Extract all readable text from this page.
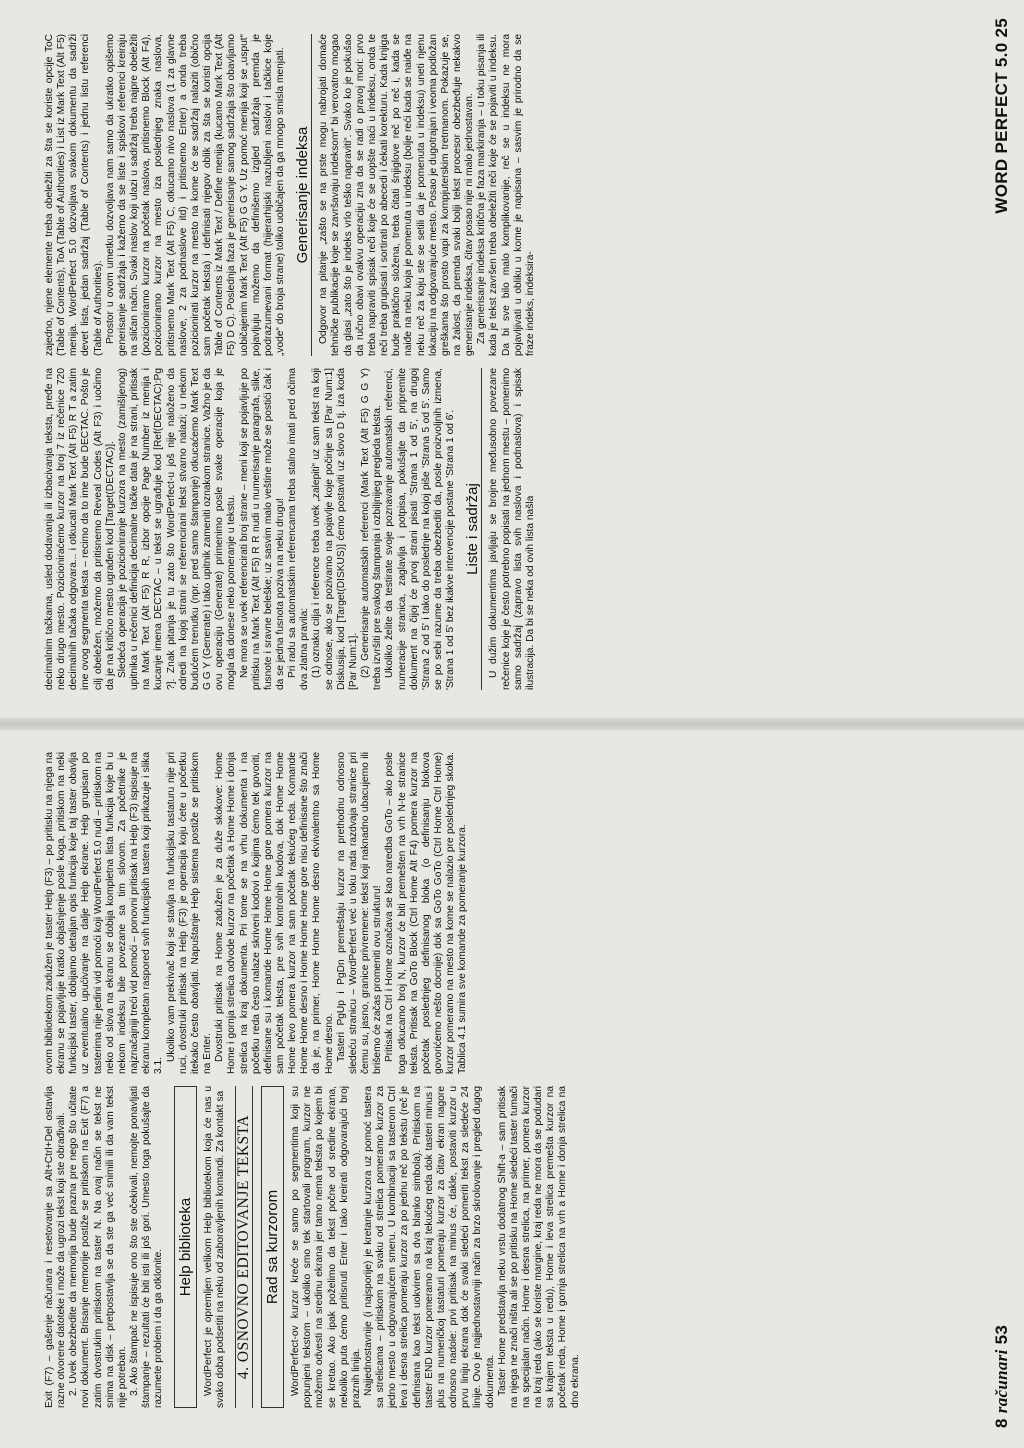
Exit (F7) – gašenje računara i resetovanje sa Alt+Ctrl+Del ostavlja razne otvorene datoteke i može da ugrozi tekst koji ste obrađivali. 2. Uvek obezbedite da memorija bude prazna pre nego što učitate novi dokument. Brisanje memorije postiže se pritiskom na Exit (F7) a zatim dvostrukim pritiskom na taster N. Na ovaj način se tekst ne snima na disk – pretpostavlja se da ste ga već snimili ili da vam tekst nije potreban. 3. Ako štampač ne ispisuje ono što ste očekivali, nemojte ponavljati štampanje – rezultati će biti isti ili još gori. Umesto toga pokušajte da razumete problem i da ga otklonite.

Help biblioteka WordPerfect je opremljen velikom Help bibliotekom koja će nas u svako doba podsetiti na neku od zaboravljenih komandi. Za kontakt sa 4. OSNOVNO EDITOVANJE TEKSTA Rad sa kurzorom WordPerfect-ov kurzor kreće se samo po segmentima koji su popunjeni tekstom – ukoliko smo tek startovali program, kurzor ne možemo odvesti na sredinu ekrana jer tamo nema teksta po kojem bi se kretao. Ako ipak poželimo da tekst počne od sredine ekrana, nekoliko puta ćemo pritisnuti Enter i tako kreirati odgovarajući broj praznih linija. Najjednostavnije (i najsporije) je kretanje kurzora uz pomoć tastera sa strelicama – pritiskom na svaku od strelica pomeramo kurzor za jedno mesto u odgovarajućem smeru. U kombinaciji sa tasterom Ctrl leva i desna strelica pomeraju kurzor za po jednu reč po tekstu (reč je definisana kao tekst uokviren sa dva blanko simbola). Pritiskom na taster END kurzor pomeramo na kraj tekućeg reda dok tasteri minus i plus na numeričkoj tastaturi pomeraju kurzor za čitav ekran nagore odnosno nadole: prvi pritisak na minus će, dakle, postaviti kurzor u prvu liniju ekrana dok će svaki sledeći pomeriti tekst za sledeće 24 linije. Ovo je najjednostavniji način za brzo skrolovanje i pregled dugog dokumenta. Taster Home predstavlja neku vrstu dodatnog Shift-a – sam pritisak na njega ne znači ništa ali se po pritisku na Home sledeći taster tumači na specijalan način. Home i desna strelica, na primer, pomera kurzor na kraj reda (ako se koriste margine, kraj reda ne mora da se podudari sa krajem teksta u redu), Home i leva strelica premešta kurzor na početak reda, Home i gornja strelica na vrh a Home i donja strelica na dno ekrana.

ovom bibliotekom zadužen je taster Help (F3) – po pritisku na njega na ekranu se pojavljuje kratko objašnjenje posle koga, pritiskom na neki funkcijski taster, dobijamo detaljan opis funkcija koje taj taster obavlja uz eventualno upućivanje na dalje Help ekrane. Help grupisan po tasterima nije jedini vid pomoći koji WordPerfect 5.0 nudi – pritiskom na neko od slova na ekranu se dobija kompletna lista funkcija koje bi u nekom indeksu bile povezane sa tim slovom. Za početnike je najznačajniji treći vid pomoći – ponovni pritisak na Help (F3) ispisuje na ekranu kompletan raspored svih funkcijskih tastera koji prikazuje i slika 3.1.

Ukoliko vam prekrivač koji se stavlja na funkcijsku tastaturu nije pri ruci, dvostruki pritisak na Help (F3) je operacija koju ćete u početku itekako često obavljati. Napuštanje Help sistema postiže se pritiskom na Enter. Dvostruki pritisak na Home zadužen je za duže skokove: Home Home i gornja strelica odvode kurzor na početak a Home Home i donja strelica na kraj dokumenta. Pri tome se na vrhu dokumenta i na početku reda često nalaze skriveni kodovi o kojima ćemo tek govoriti, definisane su i komande Home Home Home gore pomera kurzor na sam početak teksta, pre svih kontrolnih kodova, dok Home Home Home levo pomera kurzor na sam početak tekućeg reda. Komande Home Home desno i Home Home Home gore nisu definisane što znači da je, na primer, Home Home Home desno ekvivalentno sa Home Home desno. Tasteri PgUp i PgDn premeštaju kurzor na prethodnu odnosno sledeću stranicu – WordPerfect već u toku rada razdvaja stranice pri čemu su, jasno, granice privremene: tekst koji naknadno ubacujemo ili brišemo će začas promeniti ovu strukturu! Pritisak na Ctrl i Home označava se kao naredba GoTo – ako posle toga otkucamo broj N, kurzor će biti premešten na vrh N-te stranice teksta. Pritisak na GoTo Block (Ctrl Home Alt F4) pomera kurzor na početak poslednjeg definisanog bloka (o definisanju blokova govorićemo nešto docnije) dok sa GoTo GoTo (Ctrl Home Ctrl Home) kurzor pomeramo na mesto na kome se nalazio pre poslednjeg skoka. Tablica 4.1 sumira sve komande za pomeranje kurzora.

8 računari 53

decimalnim tačkama, usled dodavanja ili izbacivanja teksta, pređe na neko drugo mesto. Pozicioniraćemo kurzor na broj 7 iz rečenice 720 decimalnih tačaka odgovara... i otkucati Mark Text (Alt F5) R T a zatim ime ovog segmenta teksta – recimo da to ime bude DECTAC. Pošto je cilj obeležen, možemo da pritisnemo Reveal Codes (Alt F3) i uočimo da je na kritično mesto ugrađen kod [Target(DECTAC)]. Sledeća operacija je pozicioniranje kurzora na mesto (zamišljenog) upitnika u rečenici definicija decimalne tačke data je na strani, pritisak na Mark Text (Alt F5) R R, izbor opcije Page Number iz menija i kucanje imena DECTAC – u tekst se ugrađuje kod [Ref(DECTAC):Pg ?]. Znak pitanja je tu zato što WordPerfect-u još nije naloženo da odredi na kojoj strani se referencirani tekst stvarno nalazi; u nekom budućem trenutku (npr. pred samo štampanje) otkucaćemo Mark Text G G Y (Generate) i tako upitnik zameniti oznakom stranice. Važno je da ovu operaciju (Generate) primenimo posle svake operacije koja je mogla da donese neko pomeranje u tekstu. Ne mora se uvek referencirati broj strane – meni koji se pojavljuje po pritisku na Mark Text (Alt F5) R R nudi u numerisanje paragrafa, slike, fusnote i sravne beleške; uz sasvim malo veštine može se postići čak i da se jedna fusnota poziva na neku drugu! Pri radu sa automatskim referencama treba stalno imati pred očima dva zlatna pravila: (1) oznaku cilja i reference treba uvek „zalepiti“ uz sam tekst na koji se odnose, ako se pozivamo na pojavlje koje počinje sa [Par Num:1] Diskusija, kod [Target(DISKUS)] ćemo postaviti uz slovo D tj. iza koda [Par Num:1]. (2) Generisanje automatskih referenci (Mark Text (Alt F5) G G Y) treba izvršiti pre svakog štampanja i ozbiljnijeg pregleda teksta. Ukoliko želite da testirate svoje poznavanje automatskih referenci, numeracije stranica, zaglavlja i potpisa, pokušajte da pripremite dokument na čijoj će prvoj strani pisati 'Strana 1 od 5', na drugoj 'Strana 2 od 5' i tako do poslednje na kojoj piše 'Strana 5 od 5'. Samo se po sebi razume da treba obezbediti da, posle proizvoljnih izmena, 'Strana 1 od 5' bez ikakve intervencije postane 'Strana 1 od 6'. Liste i sadržaj U dužim dokumentima javljaju se brojne međusobno povezane rečenice koje je često potrebno popisati na jednom mestu – pomenimo samo sadržaj (zapravo lista svih naslova i podnaslova) i spisak ilustracija. Da bi se neka od ovih lista našla

zajedno, njene elemente treba obeležiti za šta se koriste opcije ToC (Table of Contents), ToA (Table of Authorities) i List iz Mark Text (Alt F5) menija. WordPerfect 5.0 dozvoljava svakom dokumentu da sadrži devet lista, jedan sadržaj (Table of Contents) i jednu listu referenci (Table of Authorities). Prostor u ovom umetku dozvoljava nam samo da ukratko opišemo generisanje sadržaja i kažemo da se liste i spiskovi referenci kreiraju na sličan način. Svaki naslov koji ulazi u sadržaj treba najpre obeležiti (pozicioniramo kurzor na početak naslova, pritisnemo Block (Alt F4), pozicioniramo kurzor na mesto iza poslednjeg znaka naslova, pritisnemo Mark Text (Alt F5) C, otkucamo nivo naslova (1 za glavne naslove, 2 za podnaslove itd) i pritisnemo Enter) a onda treba pozicionirati kurzor na mesto na kome će se sadržaj nalaziti (obično sam početak teksta) i definisati njegov oblik za šta se koristi opcija Table of Contents iz Mark Text / Define menija (kucamo Mark Text (Alt F5) D C). Poslednja faza je generisanje samog sadržaja što obavljamo uobičajenim Mark Text (Alt F5) G G Y. Uz pomoć menija koji se „usput“ pojavljuju možemo da definišemo izgled sadržaja premda je podrazumevani format (hijerarhijski nazubljeni naslovi i tačkice koje „vode“ do broja strane) toliko uobičajen da ga mnogo smisla menjati. Generisanje indeksa Odgovor na pitanje „zašto se na prste mogu nabrojati domaće tehničke publikacije koje se završavaju indeksom“ bi verovatno mogao da glasi „zato što je indeks vrlo teško napraviti“. Svako ko je pokušao da ručno obavi ovakvu operaciju zna da se radi o pravoj mori: prvo treba napraviti spisak reči koje će se uopšte naći u indeksu, onda te reči treba grupisati i sortirati po abecedi i čekati korekturu. Kada knjiga bude praktično složena, treba čitati šnjiglove reč po reč i, kada se naiđe na neku koja je pomenuta u indeksu (bolje reći kada se naiđe na neku reč za koju ste se setili da je pomenuta u indeksu) uneti njenu lokaciju na odgovarajuće mesto. Posao je dugotrajan i veoma podložan greškama što prosto vapi za kompjuterskim tretmanom. Pokazuje se, na žalost, da premda svaki bolji tekst procesor obezbeđuje nekakvo generisanje indeksa, čitav posao nije ni malo jednostavan. Za generisanje indeksa kritična je faza markiranja – u toku pisanja ili kada je tekst završen treba obeležiti reči koje će se pojaviti u indeksu. Da bi sve bilo malo komplikovanije, reč se u indeksu ne mora pojavljivati u obliku u kome je napisana – sasvim je prirodno da se fraze indeks, indeksira-

WORD PERFECT 5.0 25
